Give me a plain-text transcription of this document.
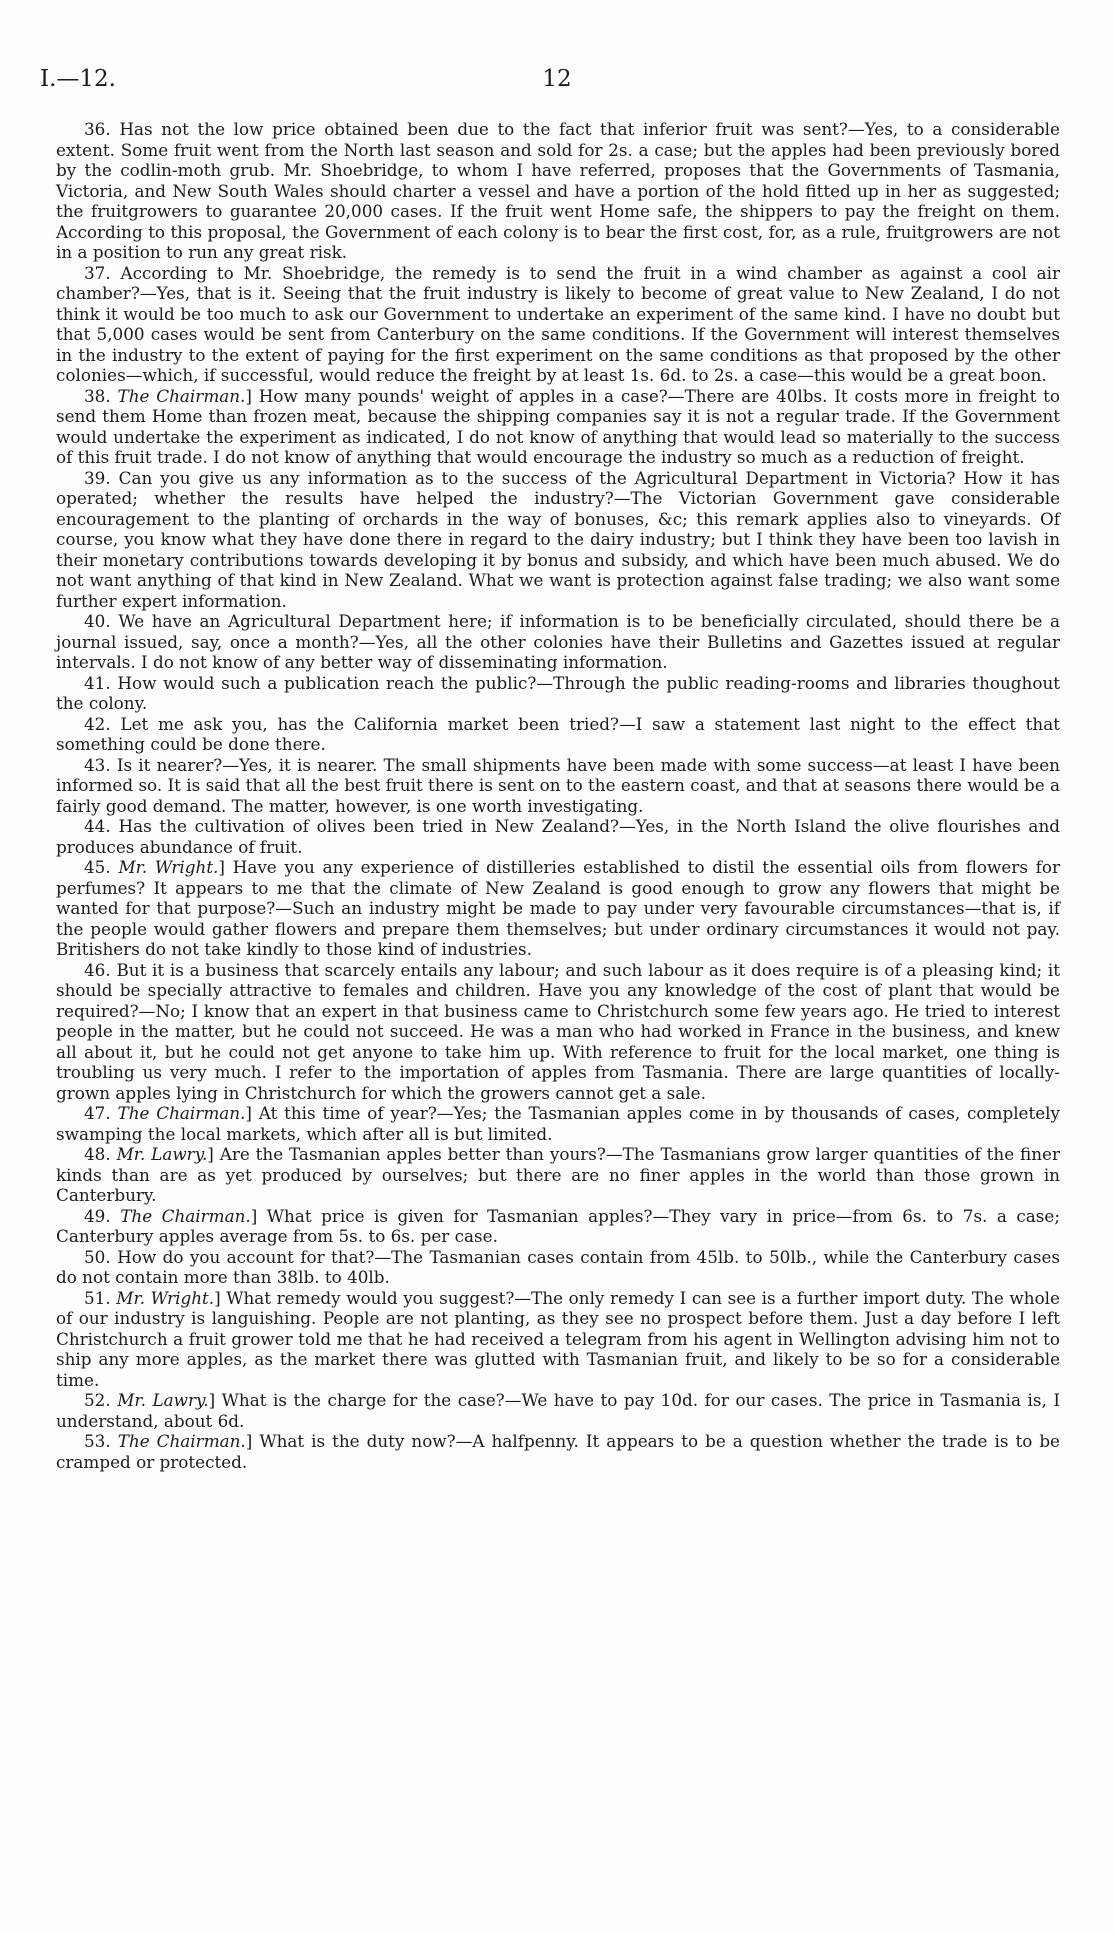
I.—12.	12

36. Has not the low price obtained been due to the fact that inferior fruit was sent?—Yes, to a considerable extent. Some fruit went from the North last season and sold for 2s. a case; but the apples had been previously bored by the codlin-moth grub. Mr. Shoebridge, to whom I have referred, proposes that the Governments of Tasmania, Victoria, and New South Wales should charter a vessel and have a portion of the hold fitted up in her as suggested; the fruitgrowers to guarantee 20,000 cases. If the fruit went Home safe, the shippers to pay the freight on them. According to this proposal, the Government of each colony is to bear the first cost, for, as a rule, fruitgrowers are not in a position to run any great risk.

37. According to Mr. Shoebridge, the remedy is to send the fruit in a wind chamber as against a cool air chamber?—Yes, that is it. Seeing that the fruit industry is likely to become of great value to New Zealand, I do not think it would be too much to ask our Government to undertake an experiment of the same kind. I have no doubt but that 5,000 cases would be sent from Canterbury on the same conditions. If the Government will interest themselves in the industry to the extent of paying for the first experiment on the same conditions as that proposed by the other colonies—which, if successful, would reduce the freight by at least 1s. 6d. to 2s. a case—this would be a great boon.

38. The Chairman.] How many pounds' weight of apples in a case?—There are 40lbs. It costs more in freight to send them Home than frozen meat, because the shipping companies say it is not a regular trade. If the Government would undertake the experiment as indicated, I do not know of anything that would lead so materially to the success of this fruit trade. I do not know of anything that would encourage the industry so much as a reduction of freight.

39. Can you give us any information as to the success of the Agricultural Department in Victoria? How it has operated; whether the results have helped the industry?—The Victorian Government gave considerable encouragement to the planting of orchards in the way of bonuses, &c; this remark applies also to vineyards. Of course, you know what they have done there in regard to the dairy industry; but I think they have been too lavish in their monetary contributions towards developing it by bonus and subsidy, and which have been much abused. We do not want anything of that kind in New Zealand. What we want is protection against false trading; we also want some further expert information.

40. We have an Agricultural Department here; if information is to be beneficially circulated, should there be a journal issued, say, once a month?—Yes, all the other colonies have their Bulletins and Gazettes issued at regular intervals. I do not know of any better way of disseminating information.

41. How would such a publication reach the public?—Through the public reading-rooms and libraries thoughout the colony.

42. Let me ask you, has the California market been tried?—I saw a statement last night to the effect that something could be done there.

43. Is it nearer?—Yes, it is nearer. The small shipments have been made with some success—at least I have been informed so. It is said that all the best fruit there is sent on to the eastern coast, and that at seasons there would be a fairly good demand. The matter, however, is one worth investigating.

44. Has the cultivation of olives been tried in New Zealand?—Yes, in the North Island the olive flourishes and produces abundance of fruit.

45. Mr. Wright.] Have you any experience of distilleries established to distil the essential oils from flowers for perfumes? It appears to me that the climate of New Zealand is good enough to grow any flowers that might be wanted for that purpose?—Such an industry might be made to pay under very favourable circumstances—that is, if the people would gather flowers and prepare them themselves; but under ordinary circumstances it would not pay. Britishers do not take kindly to those kind of industries.

46. But it is a business that scarcely entails any labour; and such labour as it does require is of a pleasing kind; it should be specially attractive to females and children. Have you any knowledge of the cost of plant that would be required?—No; I know that an expert in that business came to Christchurch some few years ago. He tried to interest people in the matter, but he could not succeed. He was a man who had worked in France in the business, and knew all about it, but he could not get anyone to take him up. With reference to fruit for the local market, one thing is troubling us very much. I refer to the importation of apples from Tasmania. There are large quantities of locally-grown apples lying in Christchurch for which the growers cannot get a sale.

47. The Chairman.] At this time of year?—Yes; the Tasmanian apples come in by thousands of cases, completely swamping the local markets, which after all is but limited.

48. Mr. Lawry.] Are the Tasmanian apples better than yours?—The Tasmanians grow larger quantities of the finer kinds than are as yet produced by ourselves; but there are no finer apples in the world than those grown in Canterbury.

49. The Chairman.] What price is given for Tasmanian apples?—They vary in price—from 6s. to 7s. a case; Canterbury apples average from 5s. to 6s. per case.

50. How do you account for that?—The Tasmanian cases contain from 45lb. to 50lb., while the Canterbury cases do not contain more than 38lb. to 40lb.

51. Mr. Wright.] What remedy would you suggest?—The only remedy I can see is a further import duty. The whole of our industry is languishing. People are not planting, as they see no prospect before them. Just a day before I left Christchurch a fruit grower told me that he had received a telegram from his agent in Wellington advising him not to ship any more apples, as the market there was glutted with Tasmanian fruit, and likely to be so for a considerable time.

52. Mr. Lawry.] What is the charge for the case?—We have to pay 10d. for our cases. The price in Tasmania is, I understand, about 6d.

53. The Chairman.] What is the duty now?—A halfpenny. It appears to be a question whether the trade is to be cramped or protected.
